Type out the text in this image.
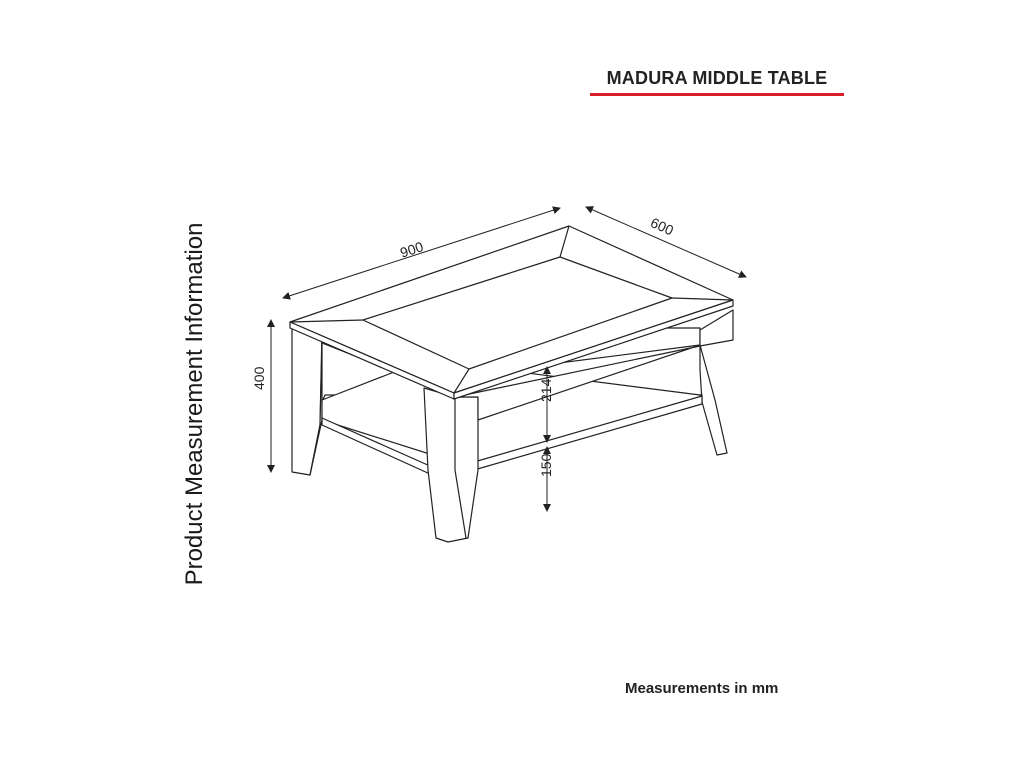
MADURA MIDDLE TABLE
Product Measurement Information	900
600
400
214
150
Measurements in mm
